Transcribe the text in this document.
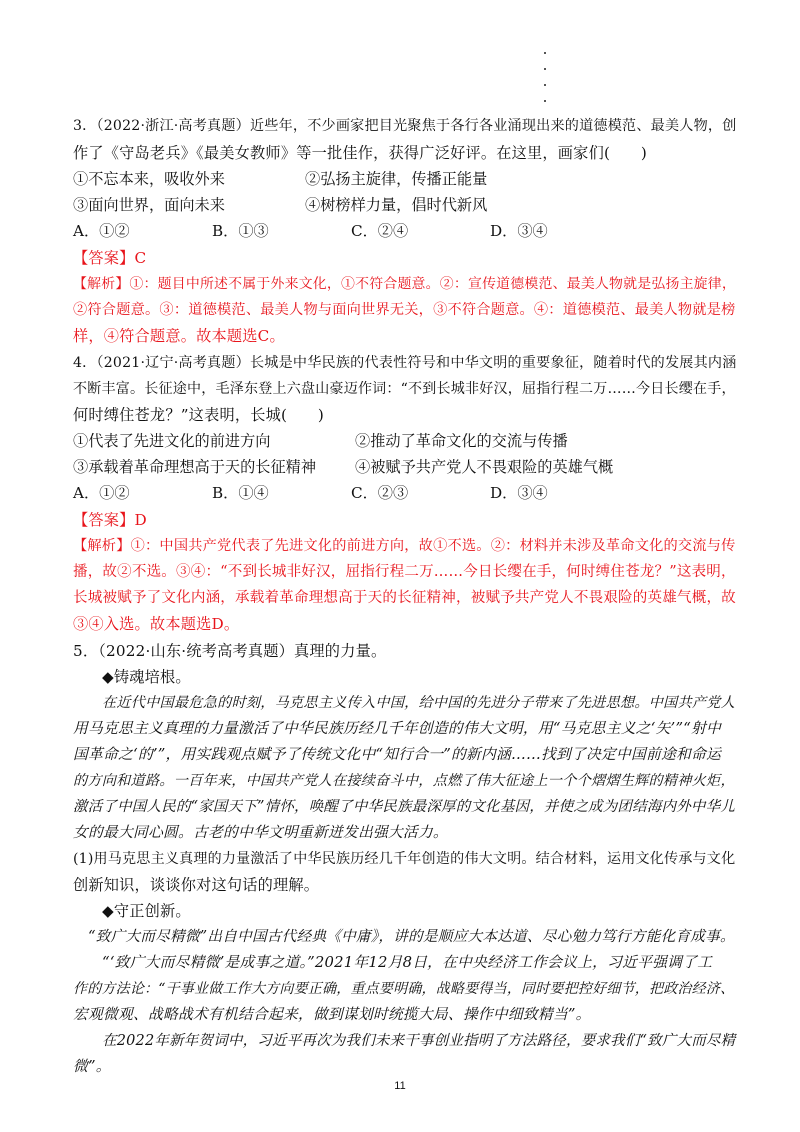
3．（2022·浙江·高考真题）近些年，不少画家把目光聚焦于各行各业涌现出来的道德模范、最美人物，创
作了《守岛老兵》《最美女教师》等一批佳作，获得广泛好评。在这里，画家们(　　)
①不忘本来，吸收外来	②弘扬主旋律，传播正能量
③面向世界，面向未来	④树榜样力量，倡时代新风
A．①②	B．①③	C．②④	D．③④
【答案】C
【解析】①：题目中所述不属于外来文化，①不符合题意。②：宣传道德模范、最美人物就是弘扬主旋律，
②符合题意。③：道德模范、最美人物与面向世界无关，③不符合题意。④：道德模范、最美人物就是榜
样，④符合题意。故本题选C。
4．（2021·辽宁·高考真题）长城是中华民族的代表性符号和中华文明的重要象征，随着时代的发展其内涵
不断丰富。长征途中，毛泽东登上六盘山豪迈作词：“不到长城非好汉，屈指行程二万……今日长缨在手，
何时缚住苍龙？”这表明，长城(　　)
①代表了先进文化的前进方向	②推动了革命文化的交流与传播
③承载着革命理想高于天的长征精神	④被赋予共产党人不畏艰险的英雄气概
A．①②	B．①④	C．②③	D．③④
【答案】D
【解析】①：中国共产党代表了先进文化的前进方向，故①不选。②：材料并未涉及革命文化的交流与传
播，故②不选。③④：“不到长城非好汉，屈指行程二万……今日长缨在手，何时缚住苍龙？”这表明，
长城被赋予了文化内涵，承载着革命理想高于天的长征精神，被赋予共产党人不畏艰险的英雄气概，故
③④入选。故本题选D。
5．（2022·山东·统考高考真题）真理的力量。
◆铸魂培根。
在近代中国最危急的时刻，马克思主义传入中国，给中国的先进分子带来了先进思想。中国共产党人
用马克思主义真理的力量激活了中华民族历经几千年创造的伟大文明，用“马克思主义之‘矢’”“射中
国革命之‘的’”，用实践观点赋予了传统文化中“知行合一”的新内涵……找到了决定中国前途和命运
的方向和道路。一百年来，中国共产党人在接续奋斗中，点燃了伟大征途上一个个熠熠生辉的精神火炬，
激活了中国人民的“家国天下”情怀，唤醒了中华民族最深厚的文化基因，并使之成为团结海内外中华儿
女的最大同心圆。古老的中华文明重新迸发出强大活力。
(1)用马克思主义真理的力量激活了中华民族历经几千年创造的伟大文明。结合材料，运用文化传承与文化
创新知识，谈谈你对这句话的理解。
◆守正创新。
“致广大而尽精微”出自中国古代经典《中庸》，讲的是顺应大本达道、尽心勉力笃行方能化育成事。
“‘致广大而尽精微’是成事之道。”2021年12月8日，在中央经济工作会议上，习近平强调了工
作的方法论：“干事业做工作大方向要正确，重点要明确，战略要得当，同时要把控好细节，把政治经济、
宏观微观、战略战术有机结合起来，做到谋划时统揽大局、操作中细致精当”。
在2022年新年贺词中，习近平再次为我们未来干事创业指明了方法路径，要求我们“致广大而尽精
微”。
11
